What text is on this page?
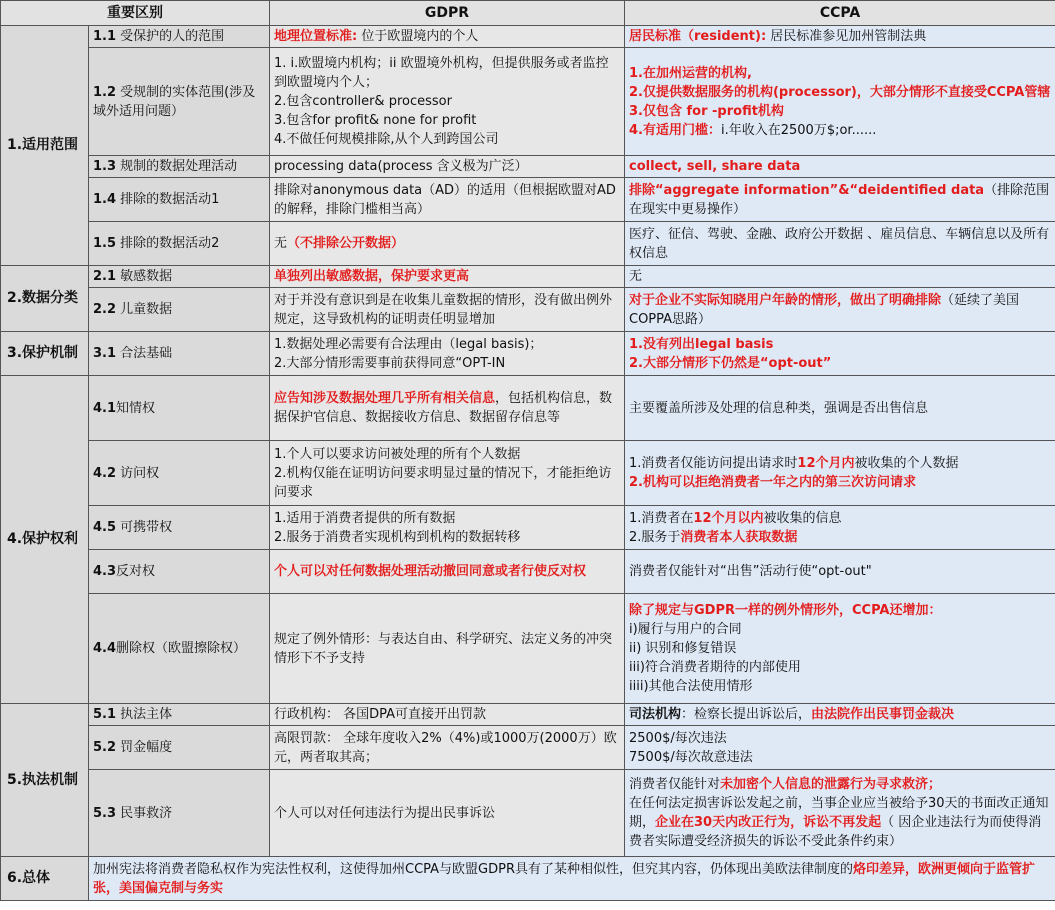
重要区别		GDPR	CCPA
1.适用范围	1.1 受保护的人的范围	地理位置标准: 位于欧盟境内的个人	居民标准（resident): 居民标准参见加州管制法典
	1.2 受规制的实体范围(涉及域外适用问题）	1. i.欧盟境内机构；ii 欧盟境外机构，但提供服务或者监控到欧盟境内个人；
2.包含controller& processor
3.包含for profit& none for profit
4.不做任何规模排除,从个人到跨国公司	1.在加州运营的机构,
2.仅提供数据服务的机构(processor)，大部分情形不直接受CCPA管辖
3.仅包含 for -profit机构
4.有适用门槛：i.年收入在2500万$;or......

	1.3 规制的数据处理活动	processing data(process 含义极为广泛）	collect, sell, share data
	1.4 排除的数据活动1	排除对anonymous data（AD）的适用（但根据欧盟对AD的解释，排除门槛相当高）	排除“aggregate information”&“deidentified data（排除范围在现实中更易操作）
	1.5 排除的数据活动2	无（不排除公开数据）	医疗、征信、驾驶、金融、政府公开数据 、雇员信息、车辆信息以及所有权信息

2.数据分类	2.1 敏感数据	单独列出敏感数据，保护要求更高	无
	2.2 儿童数据	对于并没有意识到是在收集儿童数据的情形，没有做出例外规定，这导致机构的证明责任明显增加	对于企业不实际知晓用户年龄的情形，做出了明确排除（延续了美国COPPA思路）
3.保护机制	3.1 合法基础	1.数据处理必需要有合法理由（legal basis)；
2.大部分情形需要事前获得同意“OPT-IN	1.没有列出legal basis
2.大部分情形下仍然是“opt-out”

4.保护权利	4.1知情权	应告知涉及数据处理几乎所有相关信息，包括机构信息，数据保护官信息、数据接收方信息、数据留存信息等	主要覆盖所涉及处理的信息种类，强调是否出售信息
	4.2 访问权	1.个人可以要求访问被处理的所有个人数据
2.机构仅能在证明访问要求明显过量的情况下，才能拒绝访问要求	1.消费者仅能访问提出请求时12个月内被收集的个人数据
2.机构可以拒绝消费者一年之内的第三次访问请求

	4.5 可携带权	1.适用于消费者提供的所有数据
2.服务于消费者实现机构到机构的数据转移	1.消费者在12个月以内被收集的信息
2.服务于消费者本人获取数据

	4.3反对权	个人可以对任何数据处理活动撤回同意或者行使反对权	消费者仅能针对“出售”活动行使“opt-out"
	4.4删除权（欧盟擦除权）	规定了例外情形：与表达自由、科学研究、法定义务的冲突情形下不予支持	除了规定与GDPR一样的例外情形外，CCPA还增加：
i)履行与用户的合同
ii) 识别和修复错误
iii)符合消费者期待的内部使用
iiii)其他合法使用情形

5.执法机制	5.1 执法主体	行政机构： 各国DPA可直接开出罚款	司法机构：检察长提出诉讼后，由法院作出民事罚金裁决
	5.2 罚金幅度	高限罚款： 全球年度收入2%（4%)或1000万(2000万）欧元，两者取其高；	2500$/每次违法
7500$/每次故意违法

	5.3 民事救济	个人可以对任何违法行为提出民事诉讼	消费者仅能针对未加密个人信息的泄露行为寻求救济；
在任何法定损害诉讼发起之前，当事企业应当被给予30天的书面改正通知期，企业在30天内改正行为，诉讼不再发起（ 因企业违法行为而使得消费者实际遭受经济损失的诉讼不受此条件约束）

6.总体	加州宪法将消费者隐私权作为宪法性权利，这使得加州CCPA与欧盟GDPR具有了某种相似性，但究其内容，仍体现出美欧法律制度的烙印差异，欧洲更倾向于监管扩张，美国偏克制与务实		
